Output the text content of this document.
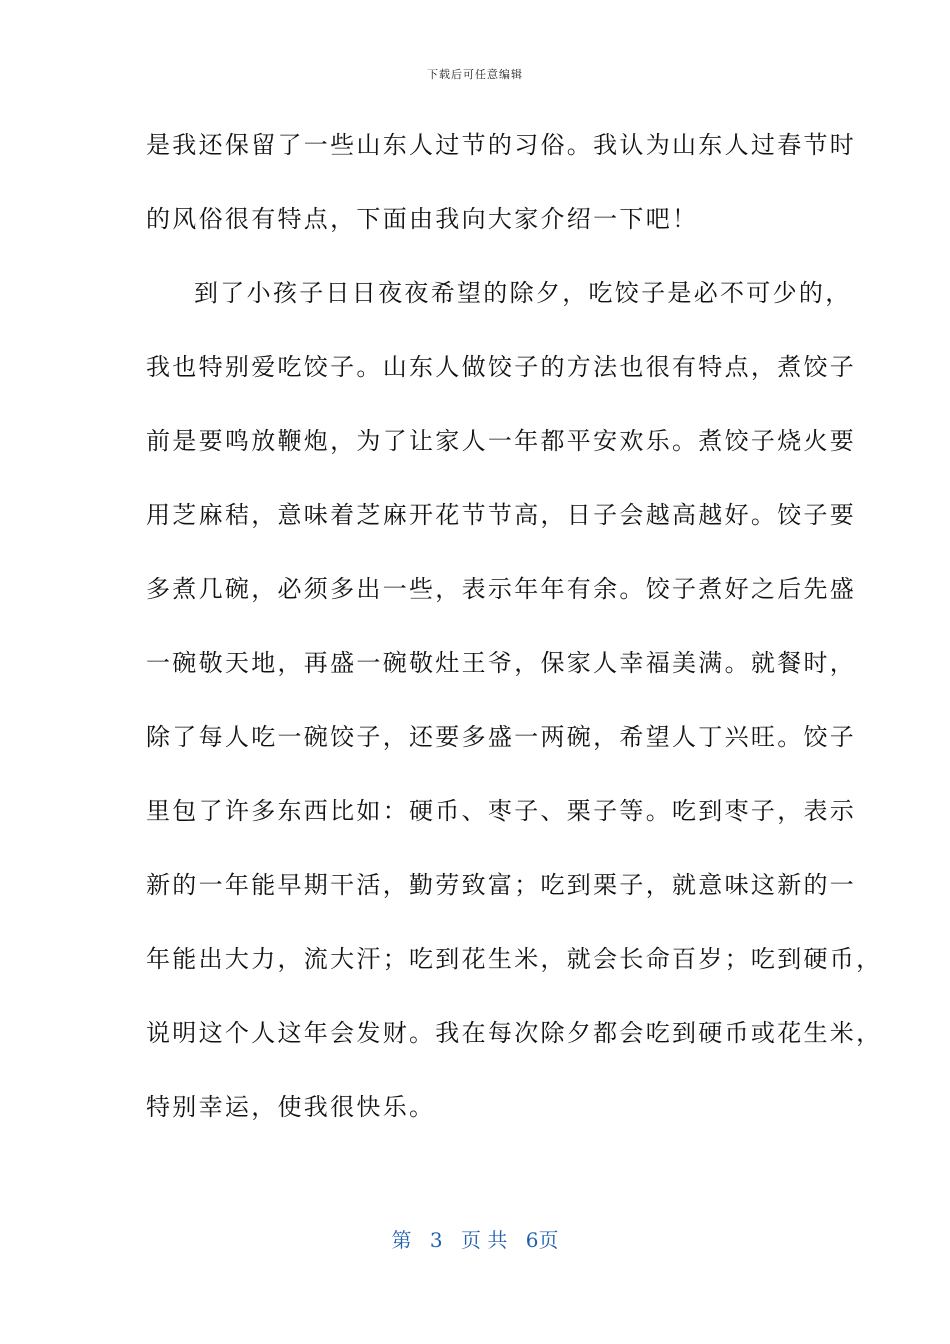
下载后可任意编辑
是我还保留了一些山东人过节的习俗。我认为山东人过春节时
的风俗很有特点，下面由我向大家介绍一下吧！
到了小孩子日日夜夜希望的除夕，吃饺子是必不可少的，
我也特别爱吃饺子。山东人做饺子的方法也很有特点，煮饺子
前是要鸣放鞭炮，为了让家人一年都平安欢乐。煮饺子烧火要
用芝麻秸，意味着芝麻开花节节高，日子会越高越好。饺子要
多煮几碗，必须多出一些，表示年年有余。饺子煮好之后先盛
一碗敬天地，再盛一碗敬灶王爷，保家人幸福美满。就餐时，
除了每人吃一碗饺子，还要多盛一两碗，希望人丁兴旺。饺子
里包了许多东西比如：硬币、枣子、栗子等。吃到枣子，表示
新的一年能早期干活，勤劳致富；吃到栗子，就意味这新的一
年能出大力，流大汗；吃到花生米，就会长命百岁；吃到硬币，
说明这个人这年会发财。我在每次除夕都会吃到硬币或花生米，
特别幸运，使我很快乐。
第 3 页 共 6页
